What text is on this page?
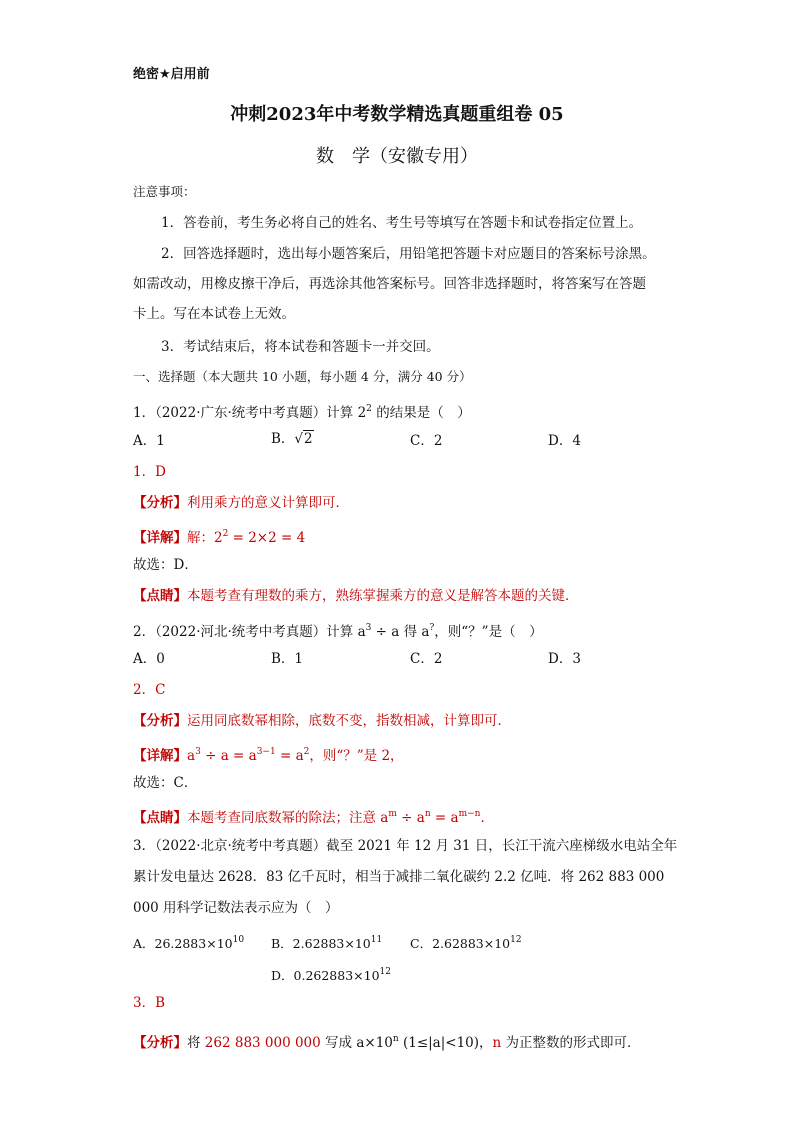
绝密★启用前
冲刺2023年中考数学精选真题重组卷 05
数　学（安徽专用）
注意事项：
1．答卷前，考生务必将自己的姓名、考生号等填写在答题卡和试卷指定位置上。
2．回答选择题时，选出每小题答案后，用铅笔把答题卡对应题目的答案标号涂黑。
如需改动，用橡皮擦干净后，再选涂其他答案标号。回答非选择题时，将答案写在答题
卡上。写在本试卷上无效。
3．考试结束后，将本试卷和答题卡一并交回。
一、选择题（本大题共 10 小题，每小题 4 分，满分 40 分）
1．（2022·广东·统考中考真题）计算 $2^2$ 的结果是（　）
A．1	B．√2	C．2	D．4
1．D
【分析】利用乘方的意义计算即可．
【详解】解：$2^2 = 2\times 2 = 4$
故选：D．
【点睛】本题考查有理数的乘方，熟练掌握乘方的意义是解答本题的关键．
2．（2022·河北·统考中考真题）计算 $a^3 \div a$ 得 a?，则“？”是（　）
A．0	B．1	C．2	D．3
2．C
【分析】运用同底数幂相除，底数不变，指数相减，计算即可．
【详解】$a^3 \div a = a^{3-1} = a^2$，则“？”是 2，
故选：C．
【点睛】本题考查同底数幂的除法；注意 $a^m \div a^n = a^{m-n}$．
3．（2022·北京·统考中考真题）截至 2021 年 12 月 31 日，长江干流六座梯级水电站全年
累计发电量达 2628．83 亿千瓦时，相当于减排二氧化碳约 2.2 亿吨．将 262 883 000
000 用科学记数法表示应为（　）
A．$26.2883\times 10^{10}$ B．$2.62883\times 10^{11}$ C．$2.62883\times 10^{12}$
D．$0.262883\times 10^{12}$
3．B
【分析】将 262 883 000 000 写成 $a\times 10^n$ (1≤|a|<10)，n 为正整数的形式即可．
